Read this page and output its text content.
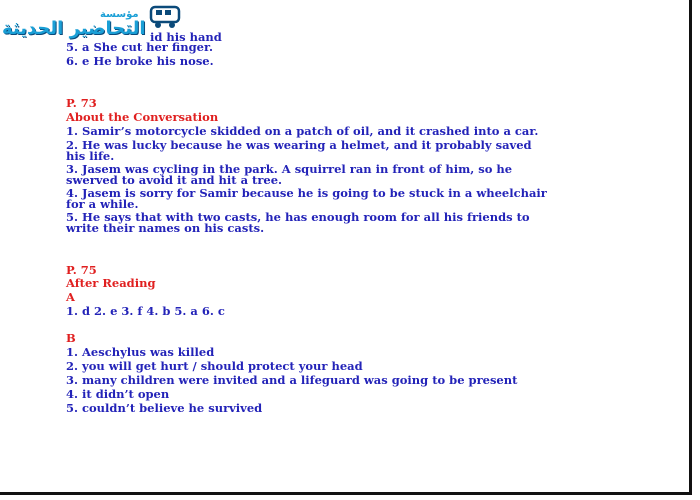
مؤسسة
التحاضير الحديثة id his hand
5. a She cut her finger.
6. e He broke his nose.
P. 73
About the Conversation
1. Samir’s motorcycle skidded on a patch of oil, and it crashed into a car.
2. He was lucky because he was wearing a helmet, and it probably saved
his life.
3. Jasem was cycling in the park. A squirrel ran in front of him, so he
swerved to avoid it and hit a tree.
4. Jasem is sorry for Samir because he is going to be stuck in a wheelchair
for a while.
5. He says that with two casts, he has enough room for all his friends to
write their names on his casts.
P. 75
After Reading
A
1. d 2. e 3. f 4. b 5. a 6. c
B
1. Aeschylus was killed
2. you will get hurt / should protect your head
3. many children were invited and a lifeguard was going to be present
4. it didn’t open
5. couldn’t believe he survived
